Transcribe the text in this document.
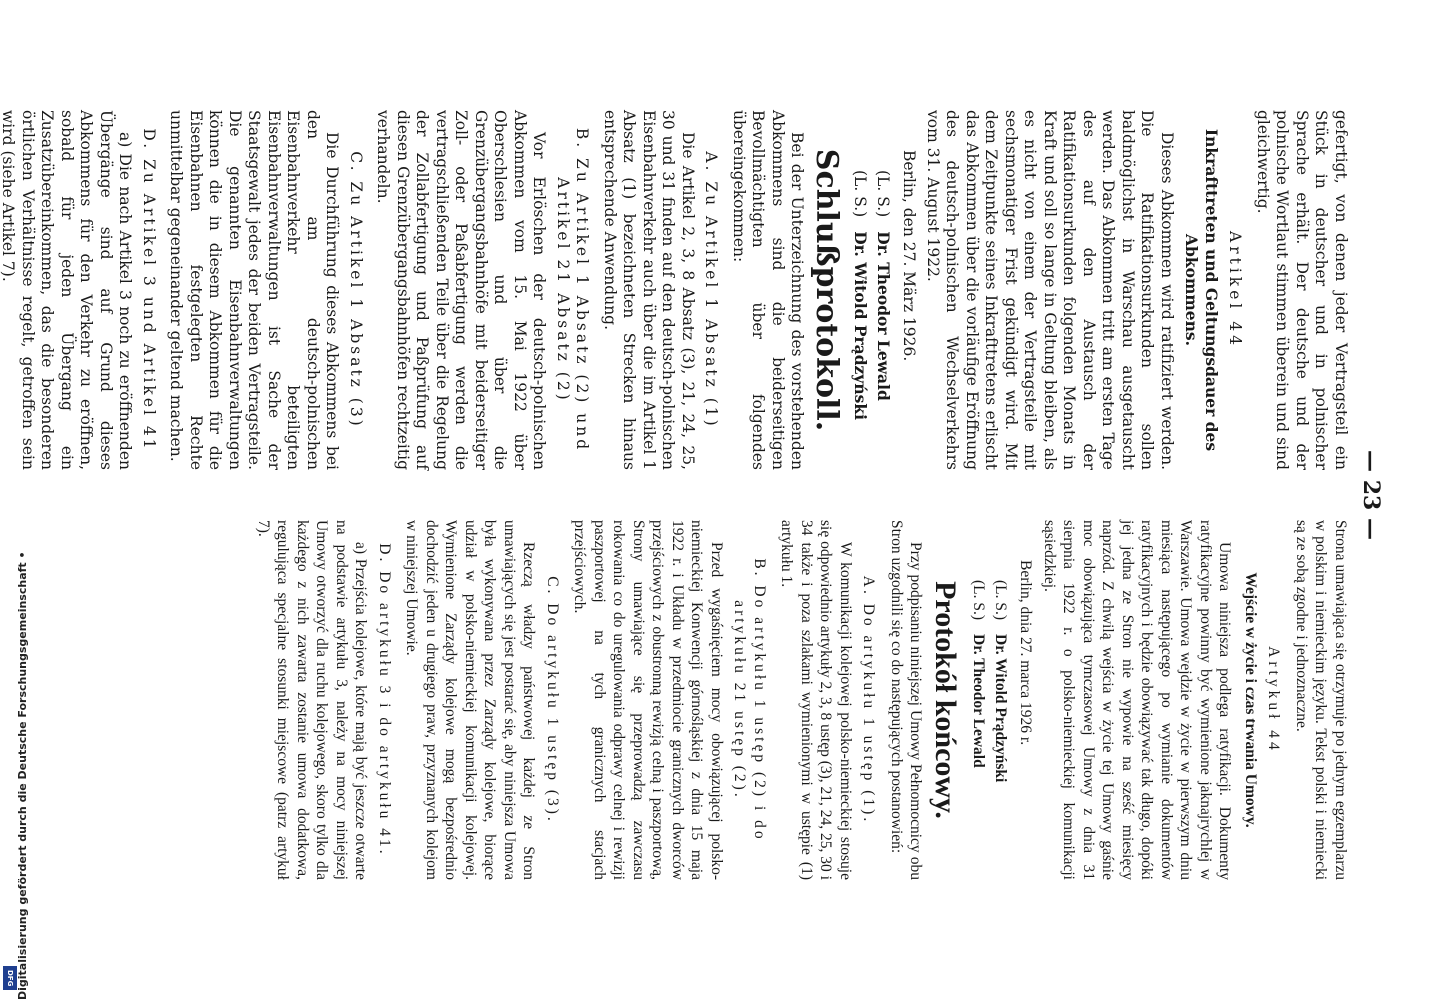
DFG Digitalisierung gefördert durch die Deutsche Forschungsgemeinschaft •
— 23 —

gefertigt, von denen jeder Vertragsteil ein Stück in deutscher und in polnischer Sprache erhält. Der deutsche und der polnische Wortlaut stimmen überein und sind gleichwertig.

Artikel 44
Inkrafttreten und Geltungsdauer des Abkommens.

Dieses Abkommen wird ratifiziert werden. Die Ratifikationsurkunden sollen baldmöglichst in Warschau ausgetauscht werden. Das Abkommen tritt am ersten Tage des auf den Austausch der Ratifikationsurkunden folgenden Monats in Kraft und soll so lange in Geltung bleiben, als es nicht von einem der Vertragsteile mit sechsmonatiger Frist gekündigt wird. Mit dem Zeitpunkte seines Inkrafttretens erlischt das Abkommen über die vorläufige Eröffnung des deutsch-polnischen Wechselverkehrs vom 31. August 1922.

Berlin, den 27. März 1926.

(L. S.)Dr. Theodor Lewald
(L. S.)Dr. Witold Prądzyński
Schlußprotokoll.

Bei der Unterzeichnung des vorstehenden Abkommens sind die beiderseitigen Bevollmächtigten über folgendes übereingekommen:

A. Zu Artikel 1 Absatz (1)

Die Artikel 2, 3, 8 Absatz (3), 21, 24, 25, 30 und 31 finden auf den deutsch-polnischen Eisenbahnverkehr auch über die im Artikel 1 Absatz (1) bezeichneten Strecken hinaus entsprechende Anwendung.

B. Zu Artikel 1 Absatz (2) und Artikel 21 Absatz (2)

Vor Erlöschen der deutsch-polnischen Abkommen vom 15. Mai 1922 über Oberschlesien und über die Grenzübergangsbahnhöfe mit beiderseitiger Zoll- oder Paßabfertigung werden die vertragschließenden Teile über die Regelung der Zollabfertigung und Paßprüfung auf diesen Grenzübergangsbahnhöfen rechtzeitig verhandeln.

C. Zu Artikel 1 Absatz (3)

Die Durchführung dieses Abkommens bei den am deutsch-polnischen Eisenbahnverkehr beteiligten Eisenbahnverwaltungen ist Sache der Staatsgewalt jedes der beiden Vertragsteile. Die genannten Eisenbahnverwaltungen können die in diesem Abkommen für die Eisenbahnen festgelegten Rechte unmittelbar gegeneinander geltend machen.

D. Zu Artikel 3 und Artikel 41

a) Die nach Artikel 3 noch zu eröffnenden Übergänge sind auf Grund dieses Abkommens für den Verkehr zu eröffnen, sobald für jeden Übergang ein Zusatzübereinkommen, das die besonderen örtlichen Verhältnisse regelt, getroffen sein wird (siehe Artikel 7).

Strona umawiająca się otrzymuje po jednym egzemplarzu w polskim i niemieckim języku. Tekst polski i niemiecki są ze sobą zgodne i jednoznaczne.

Artykuł 44
Wejście w życie i czas trwania Umowy.

Umowa niniejsza podlega ratyfikacji. Dokumenty ratyfikacyjne powinny być wymienione jaknajrychlej w Warszawie. Umowa wejdzie w życie w pierwszym dniu miesiąca następującego po wymianie dokumentów ratyfikacyjnych i będzie obowiązywać tak długo, dopóki jej jedna ze Stron nie wypowie na sześć miesięcy naprzód. Z chwilą wejścia w życie tej Umowy gaśnie moc obowiązująca tymczasowej Umowy z dnia 31 sierpnia 1922 r. o polsko-niemieckiej komunikacji sąsiedzkiej.

Berlin, dnia 27. marca 1926 r.

(L. S.)Dr. Witold Prądzyński
(L. S.)Dr. Theodor Lewald
Protokół końcowy.

Przy podpisaniu niniejszej Umowy Pełnomocnicy obu Stron uzgodnili się co do następujących postanowień:

A. Do artykułu 1 ustęp (1).

W komunikacji kolejowej polsko-niemieckiej stosuje się odpowiednio artykuły 2, 3, 8 ustęp (3), 21, 24, 25, 30 i 34 także i poza szlakami wymienionymi w ustępie (1) artykułu 1.

B. Do artykułu 1 ustęp (2) i do artykułu 21 ustęp (2).

Przed wygaśnięciem mocy obowiązującej polsko-niemieckiej Konwencji górnośląskiej z dnia 15 maja 1922 r. i Układu w przedmiocie granicznych dworców przejściowych z obustronną rewizją celną i paszportową, Strony umawiające się przeprowadzą zawczasu rokowania co do uregulowania odprawy celnej i rewizji paszportowej na tych granicznych stacjach przejściowych.

C. Do artykułu 1 ustęp (3).

Rzeczą władzy państwowej każdej ze Stron umawiających się jest postarać się, aby niniejsza Umowa była wykonywana przez Zarządy kolejowe, biorące udział w polsko-niemieckiej komunikacji kolejowej. Wymienione Zarządy kolejowe mogą bezpośrednio dochodzić jeden u drugiego praw, przyznanych kolejom w niniejszej Umowie.

D. Do artykułu 3 i do artykułu 41.

a) Przejścia kolejowe, które mają być jeszcze otwarte na podstawie artykułu 3, należy na mocy niniejszej Umowy otworzyć dla ruchu kolejowego, skoro tylko dla każdego z nich zawarta zostanie umowa dodatkowa, regulująca specjalne stosunki miejscowe (patrz artykuł 7).
